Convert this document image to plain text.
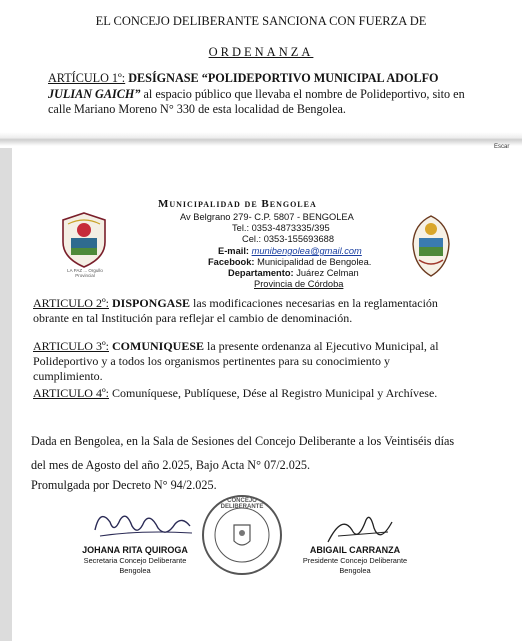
EL CONCEJO DELIBERANTE SANCIONA CON FUERZA DE
ORDENANZA
ARTÍCULO 1º: DESÍGNASE “POLIDEPORTIVO MUNICIPAL ADOLFO JULIAN GAICH” al espacio público que llevaba el nombre de Polideportivo, sito en calle Mariano Moreno N° 330 de esta localidad de Bengolea.
Escar
LA PAZ ... Orgullo Provincial
Municipalidad de Bengolea
Av Belgrano 279- C.P. 5807 - BENGOLEA
Tel.: 0353-4873335/395
Cel.: 0353-155693688
E-mail: munibengolea@gmail.com
Facebook: Municipalidad de Bengolea.
Departamento: Juárez Celman
Provincia de Córdoba
ARTICULO 2º: DISPONGASE las modificaciones necesarias en la reglamentación obrante en tal Institución para reflejar el cambio de denominación.
ARTICULO 3º: COMUNIQUESE la presente ordenanza al Ejecutivo Municipal, al Polideportivo y a todos los organismos pertinentes para su conocimiento y cumplimiento.
ARTICULO 4º: Comuníquese, Publíquese, Dése al Registro Municipal y Archívese.
Dada en Bengolea, en la Sala de Sesiones del Concejo Deliberante a los Veintiséis días del mes de Agosto del año 2.025, Bajo Acta N° 07/2.025.
Promulgada por Decreto N° 94/2.025.
JOHANA RITA QUIROGA
Secretaria Concejo Deliberante
Bengolea
CONCEJO DELIBERANTE
ABIGAIL CARRANZA
Presidente Concejo Deliberante
Bengolea
